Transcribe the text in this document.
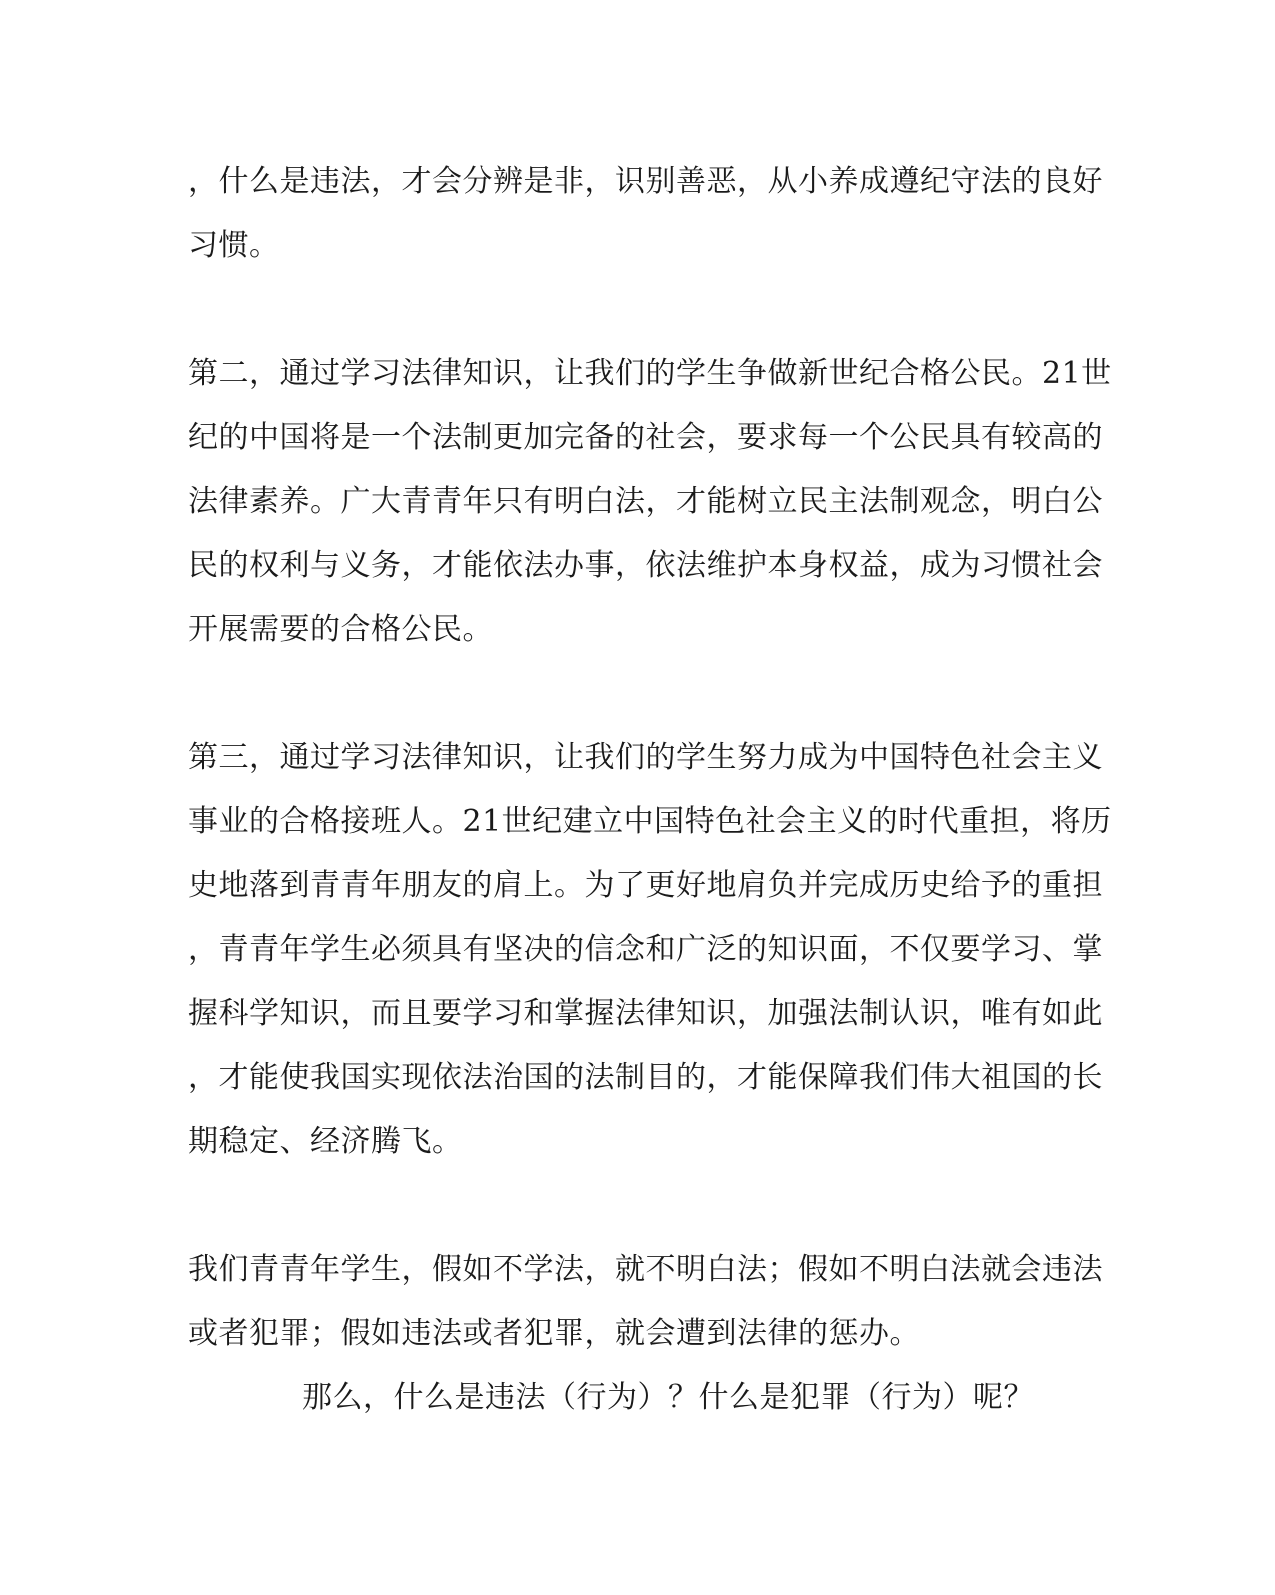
，什么是违法，才会分辨是非，识别善恶，从小养成遵纪守法的良好
习惯。
第二，通过学习法律知识，让我们的学生争做新世纪合格公民。21世
纪的中国将是一个法制更加完备的社会，要求每一个公民具有较高的
法律素养。广大青青年只有明白法，才能树立民主法制观念，明白公
民的权利与义务，才能依法办事，依法维护本身权益，成为习惯社会
开展需要的合格公民。
第三，通过学习法律知识，让我们的学生努力成为中国特色社会主义
事业的合格接班人。21世纪建立中国特色社会主义的时代重担，将历
史地落到青青年朋友的肩上。为了更好地肩负并完成历史给予的重担
，青青年学生必须具有坚决的信念和广泛的知识面，不仅要学习、掌
握科学知识，而且要学习和掌握法律知识，加强法制认识，唯有如此
，才能使我国实现依法治国的法制目的，才能保障我们伟大祖国的长
期稳定、经济腾飞。
我们青青年学生，假如不学法，就不明白法；假如不明白法就会违法
或者犯罪；假如违法或者犯罪，就会遭到法律的惩办。
那么，什么是违法（行为）？什么是犯罪（行为）呢？
